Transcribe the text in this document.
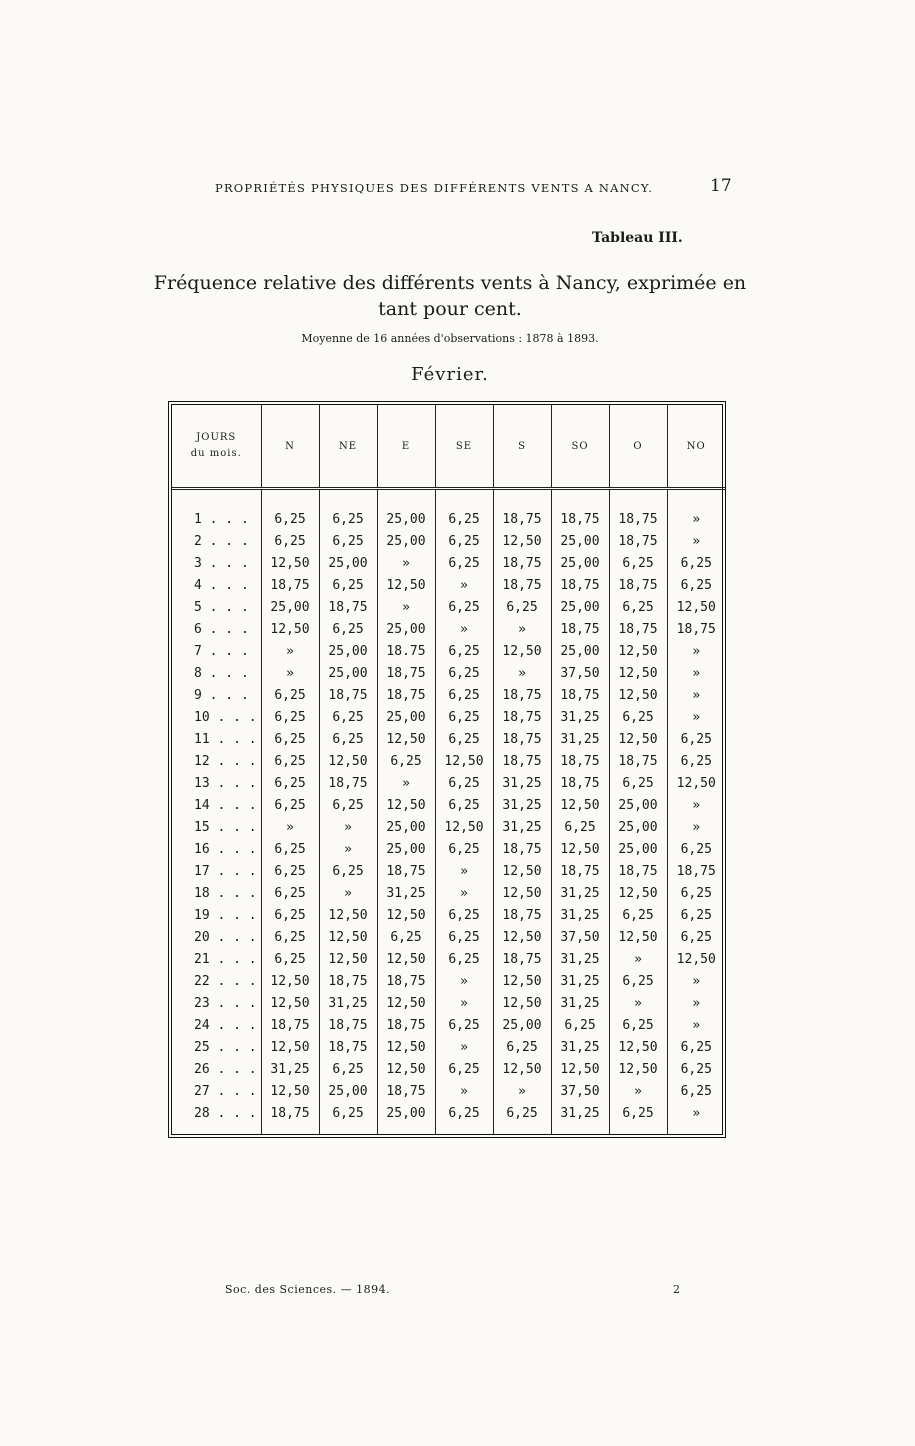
PROPRIÉTÉS PHYSIQUES DES DIFFÉRENTS VENTS A NANCY.	17
Tableau III.
Fréquence relative des différents vents à Nancy, exprimée en tant pour cent.
Moyenne de 16 années d'observations : 1878 à 1893.
Février.
JOURS
du mois.	N	NE	E	SE	S	SO	O	NO

1 . . .	6,25	6,25	25,00	6,25	18,75	18,75	18,75	»
2 . . .	6,25	6,25	25,00	6,25	12,50	25,00	18,75	»
3 . . .	12,50	25,00	»	6,25	18,75	25,00	6,25	6,25
4 . . .	18,75	6,25	12,50	»	18,75	18,75	18,75	6,25
5 . . .	25,00	18,75	»	6,25	6,25	25,00	6,25	12,50
6 . . .	12,50	6,25	25,00	»	»	18,75	18,75	18,75
7 . . .	»	25,00	18.75	6,25	12,50	25,00	12,50	»
8 . . .	»	25,00	18,75	6,25	»	37,50	12,50	»
9 . . .	6,25	18,75	18,75	6,25	18,75	18,75	12,50	»
10 . . .	6,25	6,25	25,00	6,25	18,75	31,25	6,25	»
11 . . .	6,25	6,25	12,50	6,25	18,75	31,25	12,50	6,25
12 . . .	6,25	12,50	6,25	12,50	18,75	18,75	18,75	6,25
13 . . .	6,25	18,75	»	6,25	31,25	18,75	6,25	12,50
14 . . .	6,25	6,25	12,50	6,25	31,25	12,50	25,00	»
15 . . .	»	»	25,00	12,50	31,25	6,25	25,00	»
16 . . .	6,25	»	25,00	6,25	18,75	12,50	25,00	6,25
17 . . .	6,25	6,25	18,75	»	12,50	18,75	18,75	18,75
18 . . .	6,25	»	31,25	»	12,50	31,25	12,50	6,25
19 . . .	6,25	12,50	12,50	6,25	18,75	31,25	6,25	6,25
20 . . .	6,25	12,50	6,25	6,25	12,50	37,50	12,50	6,25
21 . . .	6,25	12,50	12,50	6,25	18,75	31,25	»	12,50
22 . . .	12,50	18,75	18,75	»	12,50	31,25	6,25	»
23 . . .	12,50	31,25	12,50	»	12,50	31,25	»	»
24 . . .	18,75	18,75	18,75	6,25	25,00	6,25	6,25	»
25 . . .	12,50	18,75	12,50	»	6,25	31,25	12,50	6,25
26 . . .	31,25	6,25	12,50	6,25	12,50	12,50	12,50	6,25
27 . . .	12,50	25,00	18,75	»	»	37,50	»	6,25
28 . . .	18,75	6,25	25,00	6,25	6,25	31,25	6,25	»
Soc. des Sciences. — 1894.	2
